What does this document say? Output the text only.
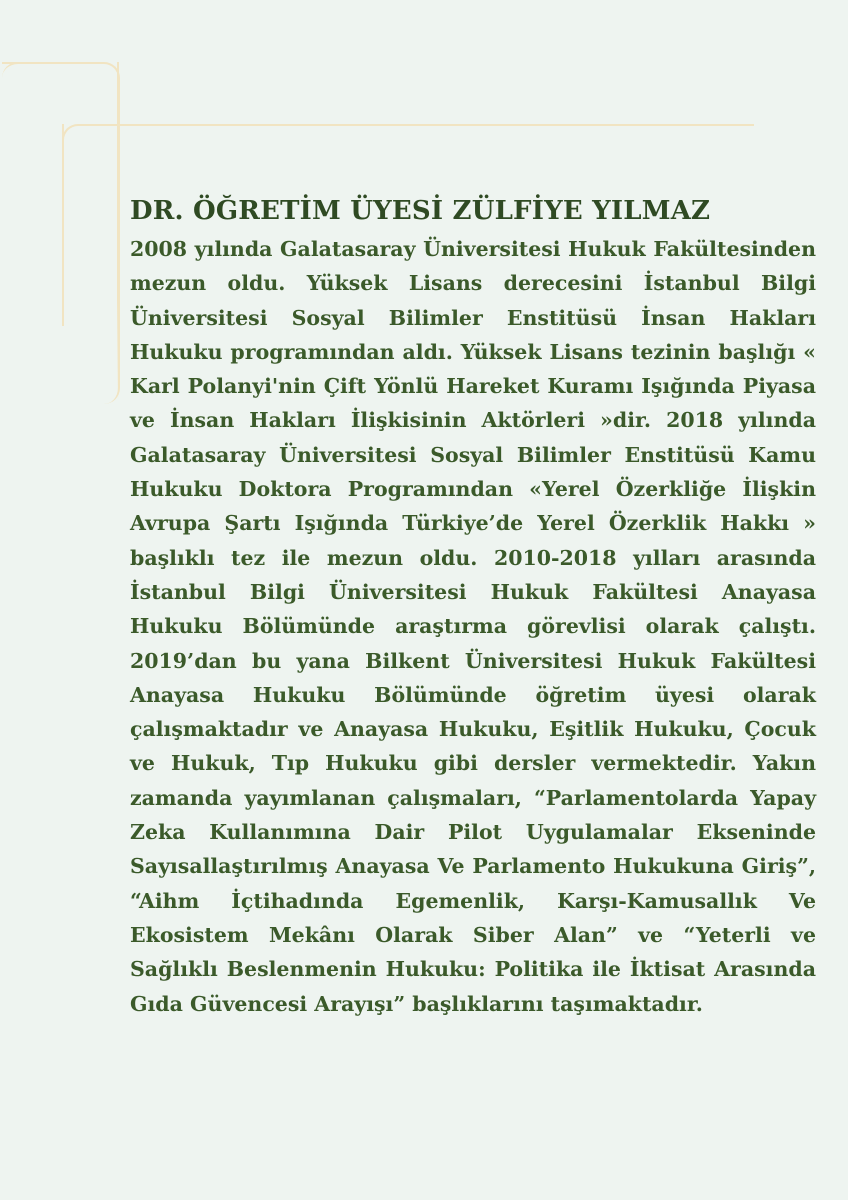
DR. ÖĞRETİM ÜYESİ ZÜLFİYE YILMAZ

2008 yılında Galatasaray Üniversitesi Hukuk Fakültesinden mezun oldu. Yüksek Lisans derecesini İstanbul Bilgi Üniversitesi Sosyal Bilimler Enstitüsü İnsan Hakları Hukuku programından aldı. Yüksek Lisans tezinin başlığı « Karl Polanyi'nin Çift Yönlü Hareket Kuramı Işığında Piyasa ve İnsan Hakları İlişkisinin Aktörleri »dir. 2018 yılında Galatasaray Üniversitesi Sosyal Bilimler Enstitüsü Kamu Hukuku Doktora Programından «Yerel Özerkliğe İlişkin Avrupa Şartı Işığında Türkiye’de Yerel Özerklik Hakkı » başlıklı tez ile mezun oldu. 2010-2018 yılları arasında İstanbul Bilgi Üniversitesi Hukuk Fakültesi Anayasa Hukuku Bölümünde araştırma görevlisi olarak çalıştı. 2019’dan bu yana Bilkent Üniversitesi Hukuk Fakültesi Anayasa Hukuku Bölümünde öğretim üyesi olarak çalışmaktadır ve Anayasa Hukuku, Eşitlik Hukuku, Çocuk ve Hukuk, Tıp Hukuku gibi dersler vermektedir. Yakın zamanda yayımlanan çalışmaları, “Parlamentolarda Yapay Zeka Kullanımına Dair Pilot Uygulamalar Ekseninde Sayısallaştırılmış Anayasa Ve Parlamento Hukukuna Giriş”, “Aihm İçtihadında Egemenlik, Karşı-Kamusallık Ve Ekosistem Mekânı Olarak Siber Alan” ve “Yeterli ve Sağlıklı Beslenmenin Hukuku: Politika ile İktisat Arasında Gıda Güvencesi Arayışı” başlıklarını taşımaktadır.
